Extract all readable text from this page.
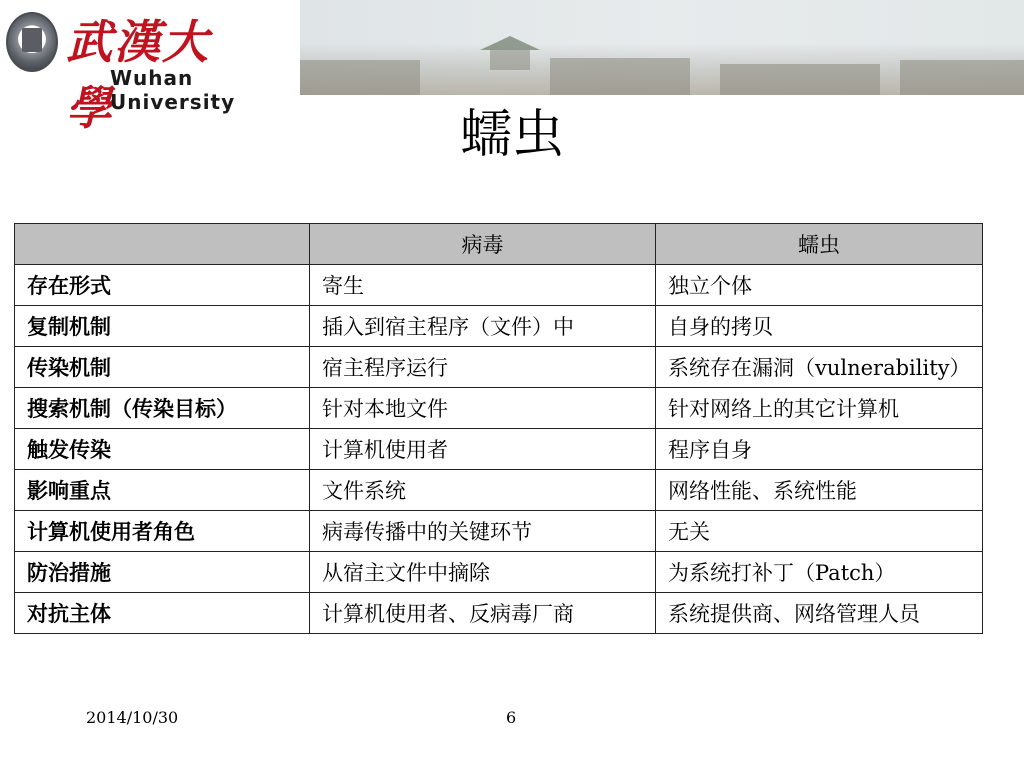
武漢大學
Wuhan University
蠕虫
	病毒	蠕虫
存在形式	寄生	独立个体
复制机制	插入到宿主程序（文件）中	自身的拷贝
传染机制	宿主程序运行	系统存在漏洞（vulnerability）
搜索机制（传染目标）	针对本地文件	针对网络上的其它计算机
触发传染	计算机使用者	程序自身
影响重点	文件系统	网络性能、系统性能
计算机使用者角色	病毒传播中的关键环节	无关
防治措施	从宿主文件中摘除	为系统打补丁（Patch）
对抗主体	计算机使用者、反病毒厂商	系统提供商、网络管理人员
2014/10/30	6
